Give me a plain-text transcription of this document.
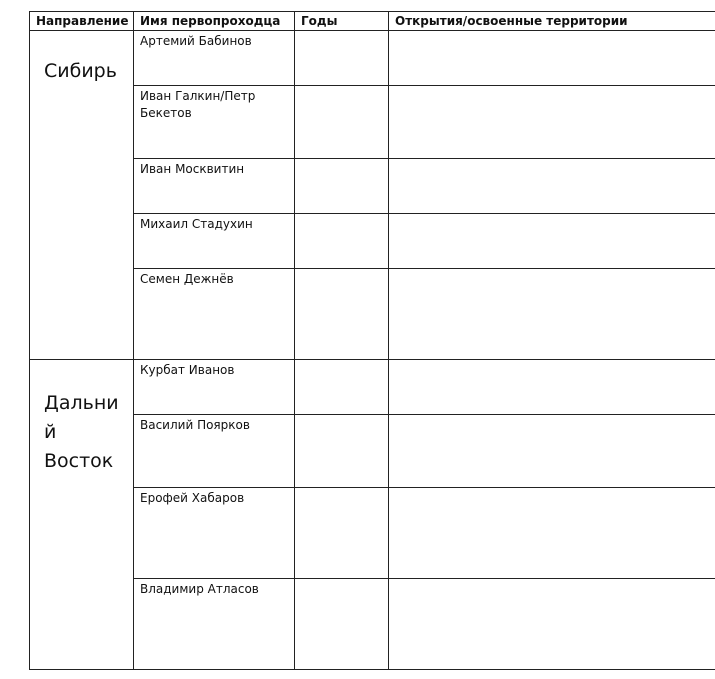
Направление	Имя первопроходца	Годы	Открытия/освоенные территории

Сибирь	Артемий Бабинов		
	Иван Галкин/Петр Бекетов		
	Иван Москвитин		
	Михаил Стадухин		
	Семен Дежнёв		

Дальний Восток	Курбат Иванов		
	Василий Поярков		
	Ерофей Хабаров		
	Владимир Атласов		
